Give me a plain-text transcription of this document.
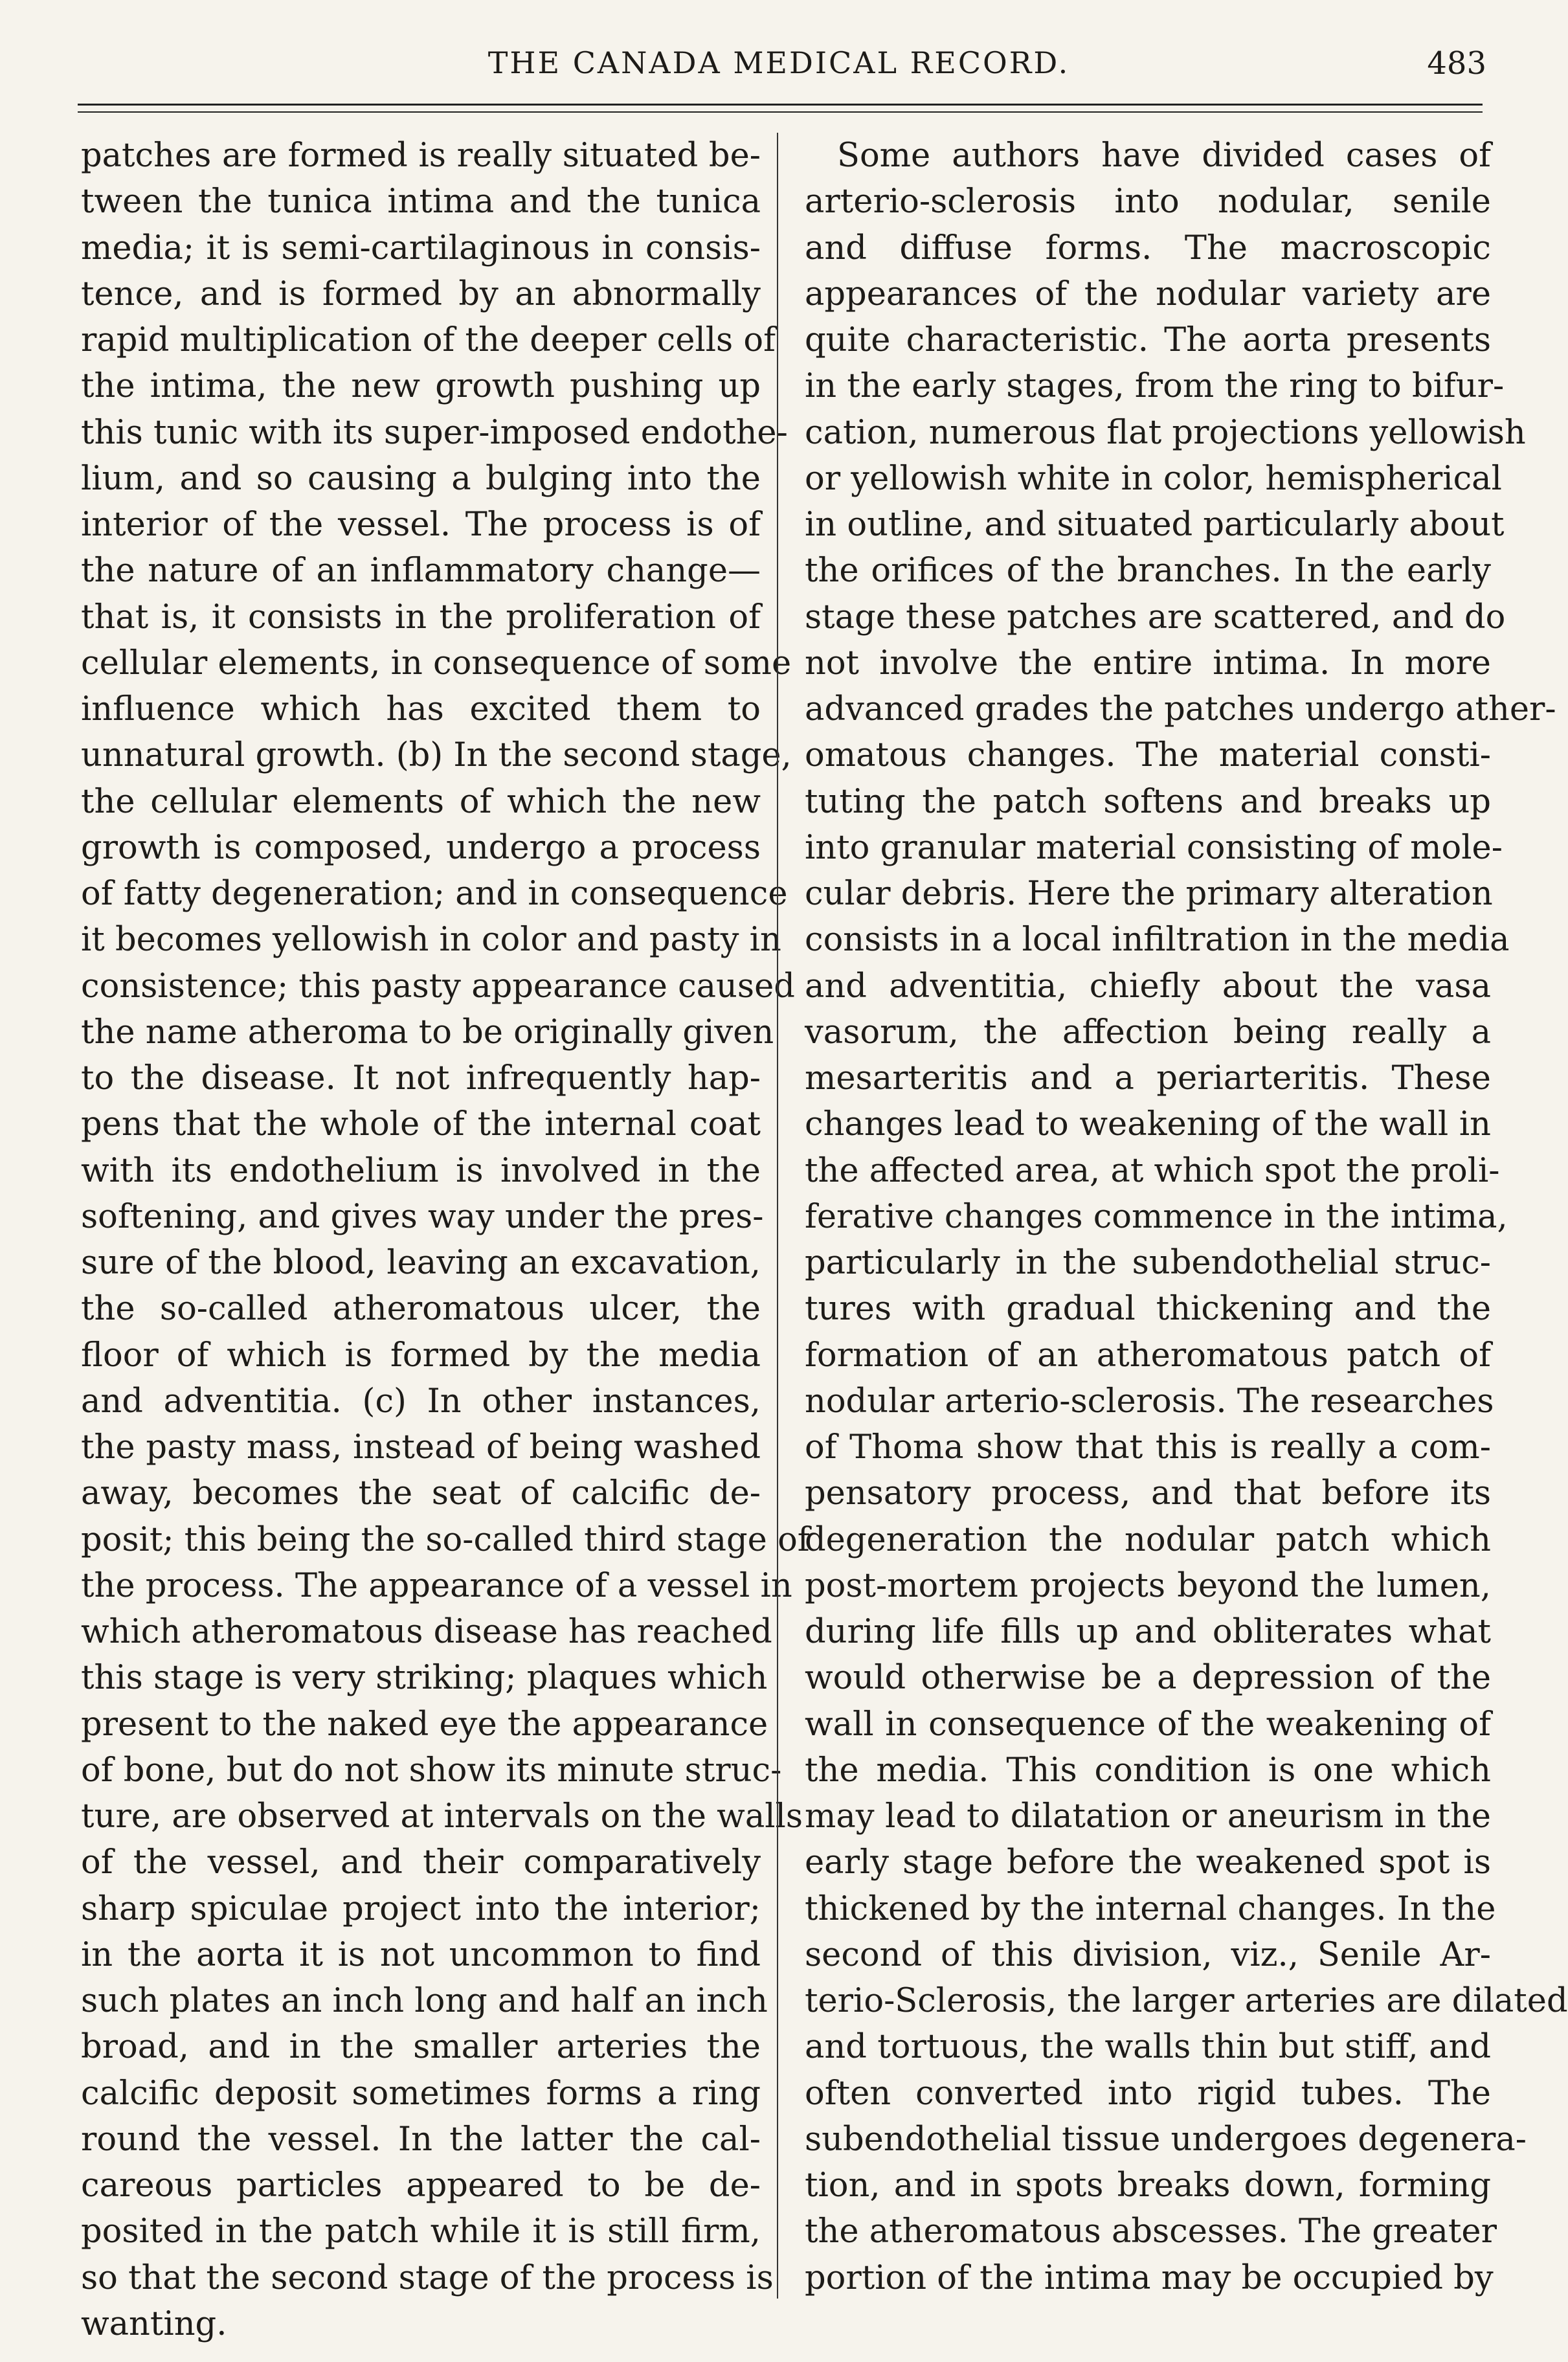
THE CANADA MEDICAL RECORD.	483
patches are formed is really situated be-
tween the tunica intima and the tunica
media; it is semi-cartilaginous in consis-
tence, and is formed by an abnormally
rapid multiplication of the deeper cells of
the intima, the new growth pushing up
this tunic with its super-imposed endothe-
lium, and so causing a bulging into the
interior of the vessel. The process is of
the nature of an inflammatory change—
that is, it consists in the proliferation of
cellular elements, in consequence of some
influence which has excited them to
unnatural growth. (b) In the second stage,
the cellular elements of which the new
growth is composed, undergo a process
of fatty degeneration; and in consequence
it becomes yellowish in color and pasty in
consistence; this pasty appearance caused
the name atheroma to be originally given
to the disease. It not infrequently hap-
pens that the whole of the internal coat
with its endothelium is involved in the
softening, and gives way under the pres-
sure of the blood, leaving an excavation,
the so-called atheromatous ulcer, the
floor of which is formed by the media
and adventitia. (c) In other instances,
the pasty mass, instead of being washed
away, becomes the seat of calcific de-
posit; this being the so-called third stage of
the process. The appearance of a vessel in
which atheromatous disease has reached
this stage is very striking; plaques which
present to the naked eye the appearance
of bone, but do not show its minute struc-
ture, are observed at intervals on the walls
of the vessel, and their comparatively
sharp spiculae project into the interior;
in the aorta it is not uncommon to find
such plates an inch long and half an inch
broad, and in the smaller arteries the
calcific deposit sometimes forms a ring
round the vessel. In the latter the cal-
careous particles appeared to be de-
posited in the patch while it is still firm,
so that the second stage of the process is
wanting.
Some authors have divided cases of
arterio-sclerosis into nodular, senile
and diffuse forms. The macroscopic
appearances of the nodular variety are
quite characteristic. The aorta presents
in the early stages, from the ring to bifur-
cation, numerous flat projections yellowish
or yellowish white in color, hemispherical
in outline, and situated particularly about
the orifices of the branches. In the early
stage these patches are scattered, and do
not involve the entire intima. In more
advanced grades the patches undergo ather-
omatous changes. The material consti-
tuting the patch softens and breaks up
into granular material consisting of mole-
cular debris. Here the primary alteration
consists in a local infiltration in the media
and adventitia, chiefly about the vasa
vasorum, the affection being really a
mesarteritis and a periarteritis. These
changes lead to weakening of the wall in
the affected area, at which spot the proli-
ferative changes commence in the intima,
particularly in the subendothelial struc-
tures with gradual thickening and the
formation of an atheromatous patch of
nodular arterio-sclerosis. The researches
of Thoma show that this is really a com-
pensatory process, and that before its
degeneration the nodular patch which
post-mortem projects beyond the lumen,
during life fills up and obliterates what
would otherwise be a depression of the
wall in consequence of the weakening of
the media. This condition is one which
may lead to dilatation or aneurism in the
early stage before the weakened spot is
thickened by the internal changes. In the
second of this division, viz., Senile Ar-
terio-Sclerosis, the larger arteries are dilated
and tortuous, the walls thin but stiff, and
often converted into rigid tubes. The
subendothelial tissue undergoes degenera-
tion, and in spots breaks down, forming
the atheromatous abscesses. The greater
portion of the intima may be occupied by
